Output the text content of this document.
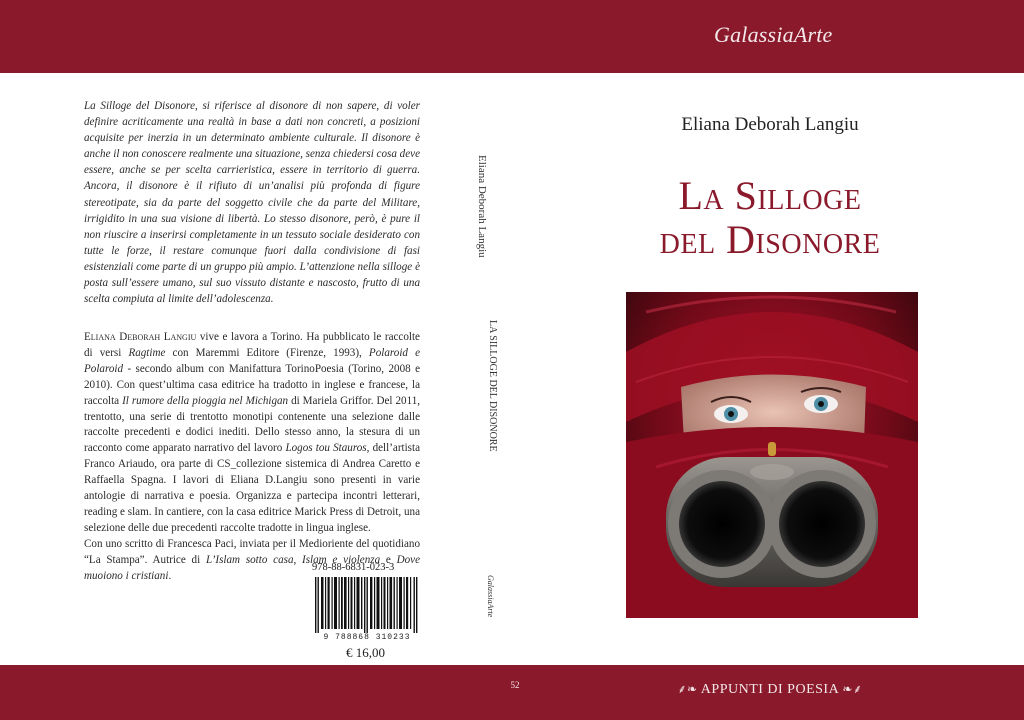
GalassiaArte
La Silloge del Disonore, si riferisce al disonore di non sapere, di voler definire acriticamente una realtà in base a dati non concreti, a posizioni acquisite per inerzia in un determinato ambiente culturale. Il disonore è anche il non conoscere realmente una situazione, senza chiedersi cosa deve essere, anche se per scelta carrieristica, essere in territorio di guerra. Ancora, il disonore è il rifiuto di un’analisi più profonda di figure stereotipate, sia da parte del soggetto civile che da parte del Militare, irrigidito in una sua visione di libertà. Lo stesso disonore, però, è pure il non riuscire a inserirsi completamente in un tessuto sociale desiderato con tutte le forze, il restare comunque fuori dalla condivisione di fasi esistenziali come parte di un gruppo più ampio. L’attenzione nella silloge è posta sull’essere umano, sul suo vissuto distante e nascosto, frutto di una scelta compiuta al limite dell’adolescenza.
Eliana Deborah Langiu vive e lavora a Torino. Ha pubblicato le raccolte di versi Ragtime con Maremmi Editore (Firenze, 1993), Polaroid e Polaroid - secondo album con Manifattura TorinoPoesia (Torino, 2008 e 2010). Con quest’ultima casa editrice ha tradotto in inglese e francese, la raccolta Il rumore della pioggia nel Michigan di Mariela Griffor. Del 2011, trentotto, una serie di trentotto monotipi contenente una selezione dalle raccolte precedenti e dodici inediti. Dello stesso anno, la stesura di un racconto come apparato narrativo del lavoro Logos tou Stauros, dell’artista Franco Ariaudo, ora parte di CS_collezione sistemica di Andrea Caretto e Raffaella Spagna. I lavori di Eliana D.Langiu sono presenti in varie antologie di narrativa e poesia. Organizza e partecipa incontri letterari, reading e slam. In cantiere, con la casa editrice Marick Press di Detroit, una selezione delle due precedenti raccolte tradotte in lingua inglese.
Con uno scritto di Francesca Paci, inviata per il Medioriente del quotidiano “La Stampa”. Autrice di L’Islam sotto casa, Islam e violenza e Dove muoiono i cristiani.
978-88-6831-023-3
9 788868 310233
€ 16,00
Eliana Deborah Langiu
LA SILLOGE DEL DISONORE
GalassiaArte
52
Eliana Deborah Langiu
La Silloge
del Disonore
⸙❧ APPUNTI DI POESIA ❧⸙
